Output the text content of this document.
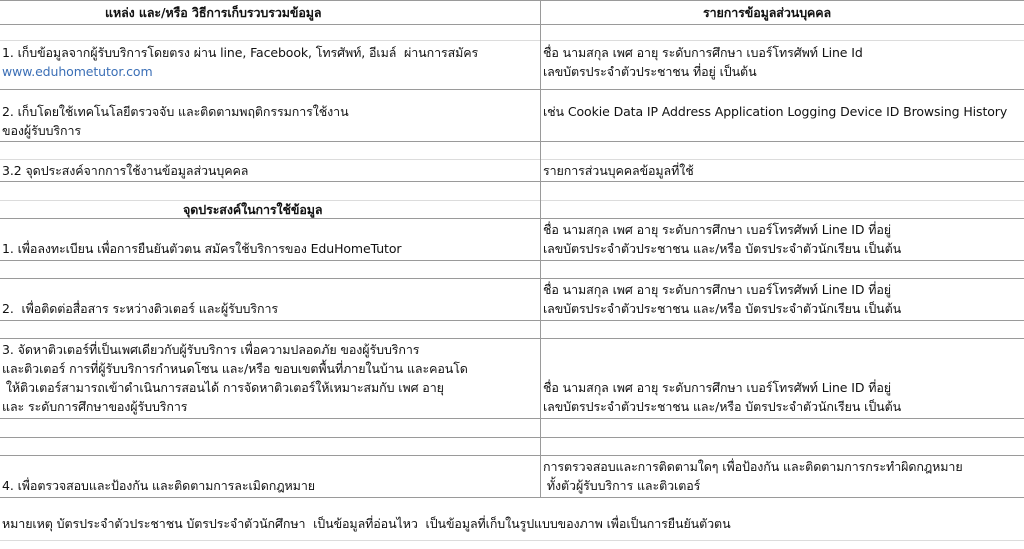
แหล่ง และ/หรือ วิธีการเก็บรวบรวมข้อมูล	รายการข้อมูลส่วนบุคคล
1. เก็บข้อมูลจากผู้รับบริการโดยตรง ผ่าน line, Facebook, โทรศัพท์, อีเมล์  ผ่านการสมัคร
www.eduhometutor.com
ชื่อ นามสกุล เพศ อายุ ระดับการศึกษา เบอร์โทรศัพท์ Line Id
เลขบัตรประจำตัวประชาชน ที่อยู่ เป็นต้น
2. เก็บโดยใช้เทคโนโลยีตรวจจับ และติดตามพฤติกรรมการใช้งาน
ของผู้รับบริการ
เช่น Cookie Data IP Address Application Logging Device ID Browsing History
3.2 จุดประสงค์จากการใช้งานข้อมูลส่วนบุคคล	รายการส่วนบุคคลข้อมูลที่ใช้
จุดประสงค์ในการใช้ข้อมูล
1. เพื่อลงทะเบียน เพื่อการยืนยันตัวตน สมัครใช้บริการของ EduHomeTutor
ชื่อ นามสกุล เพศ อายุ ระดับการศึกษา เบอร์โทรศัพท์ Line ID ที่อยู่
เลขบัตรประจำตัวประชาชน และ/หรือ บัตรประจำตัวนักเรียน เป็นต้น
2.  เพื่อติดต่อสื่อสาร ระหว่างติวเตอร์ และผู้รับบริการ
ชื่อ นามสกุล เพศ อายุ ระดับการศึกษา เบอร์โทรศัพท์ Line ID ที่อยู่
เลขบัตรประจำตัวประชาชน และ/หรือ บัตรประจำตัวนักเรียน เป็นต้น
3. จัดหาติวเตอร์ที่เป็นเพศเดียวกับผู้รับบริการ เพื่อความปลอดภัย ของผู้รับบริการ
และติวเตอร์ การที่ผู้รับบริการกำหนดโซน และ/หรือ ขอบเขตพื้นที่ภายในบ้าน และคอนโด
ให้ติวเตอร์สามารถเข้าดำเนินการสอนได้ การจัดหาติวเตอร์ให้เหมาะสมกับ เพศ อายุ
และ ระดับการศึกษาของผู้รับบริการ
ชื่อ นามสกุล เพศ อายุ ระดับการศึกษา เบอร์โทรศัพท์ Line ID ที่อยู่
เลขบัตรประจำตัวประชาชน และ/หรือ บัตรประจำตัวนักเรียน เป็นต้น
4. เพื่อตรวจสอบและป้องกัน และติดตามการละเมิดกฎหมาย
การตรวจสอบและการติดตามใดๆ เพื่อป้องกัน และติดตามการกระทำผิดกฎหมาย
ทั้งตัวผู้รับบริการ และติวเตอร์
หมายเหตุ บัตรประจำตัวประชาชน บัตรประจำตัวนักศึกษา  เป็นข้อมูลที่อ่อนไหว  เป็นข้อมูลที่เก็บในรูปแบบของภาพ เพื่อเป็นการยืนยันตัวตน
